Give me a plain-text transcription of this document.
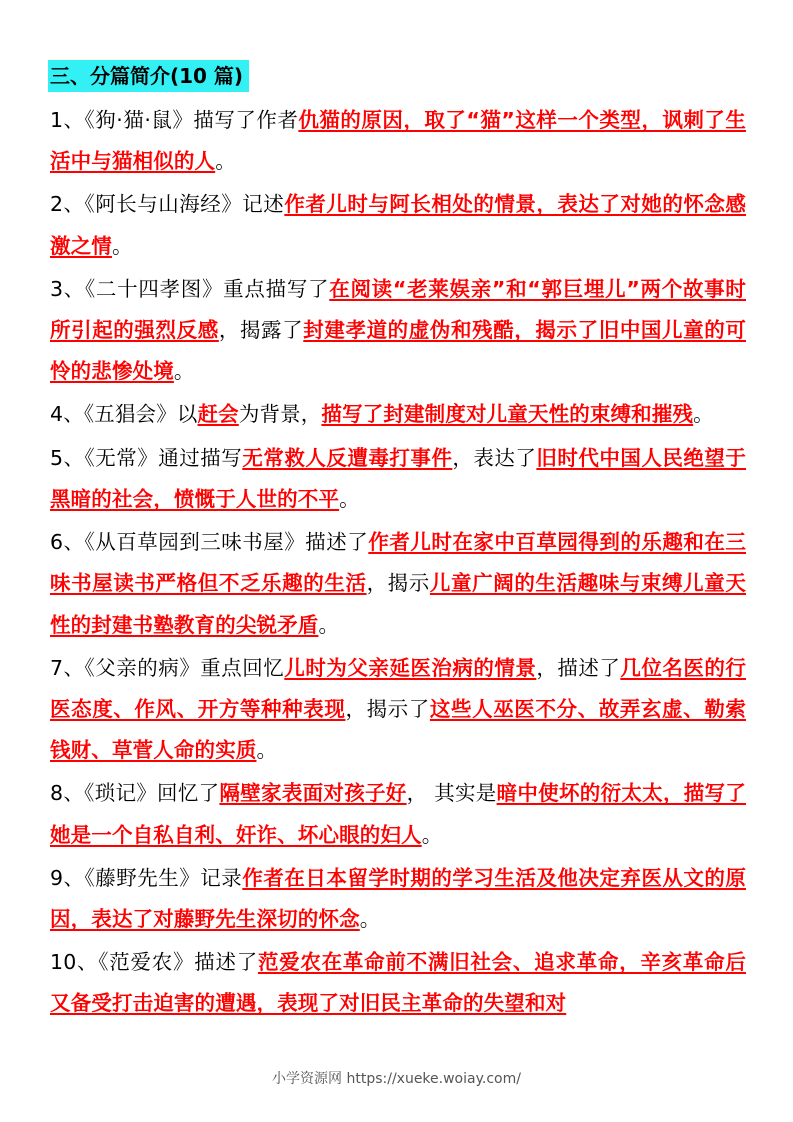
三、分篇简介(10 篇)
1、《狗·猫·鼠》描写了作者仇猫的原因，取了“猫”这样一个类型，讽刺了生活中与猫相似的人。
2、《阿长与山海经》记述作者儿时与阿长相处的情景，表达了对她的怀念感激之情。
3、《二十四孝图》重点描写了在阅读“老莱娱亲”和“郭巨埋儿”两个故事时所引起的强烈反感，揭露了封建孝道的虚伪和残酷，揭示了旧中国儿童的可怜的悲惨处境。
4、《五猖会》以赶会为背景，描写了封建制度对儿童天性的束缚和摧残。
5、《无常》通过描写无常救人反遭毒打事件，表达了旧时代中国人民绝望于黑暗的社会，愤慨于人世的不平。
6、《从百草园到三味书屋》描述了作者儿时在家中百草园得到的乐趣和在三味书屋读书严格但不乏乐趣的生活，揭示儿童广阔的生活趣味与束缚儿童天性的封建书塾教育的尖锐矛盾。
7、《父亲的病》重点回忆儿时为父亲延医治病的情景，描述了几位名医的行医态度、作风、开方等种种表现，揭示了这些人巫医不分、故弄玄虚、勒索钱财、草菅人命的实质。
8、《琐记》回忆了隔壁家表面对孩子好， 其实是暗中使坏的衍太太，描写了她是一个自私自利、奸诈、坏心眼的妇人。
9、《藤野先生》记录作者在日本留学时期的学习生活及他决定弃医从文的原因，表达了对藤野先生深切的怀念。
10、《范爱农》描述了范爱农在革命前不满旧社会、追求革命，辛亥革命后又备受打击迫害的遭遇，表现了对旧民主革命的失望和对
小学资源网 https://xueke.woiay.com/
